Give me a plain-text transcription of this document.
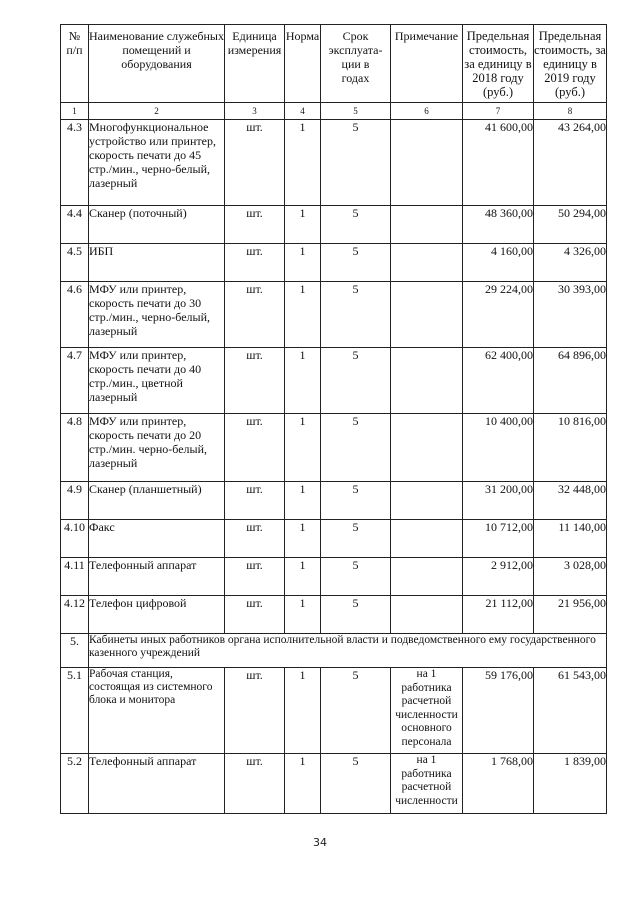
№
п/п	Наименование служебных помещений и оборудования	Единица измерения	Норма	Срок эксплуата-ции в годах	Примечание	Предельная стоимость, за единицу в 2018 году (руб.)	Предельная стоимость, за единицу в 2019 году (руб.)
1	2	3	4	5	6	7	8
4.3	Многофункциональное устройство или принтер, скорость печати до 45 стр./мин., черно-белый, лазерный	шт.	1	5		41 600,00	43 264,00
4.4	Сканер (поточный)	шт.	1	5		48 360,00	50 294,00
4.5	ИБП	шт.	1	5		4 160,00	4 326,00
4.6	МФУ или принтер, скорость печати до 30 стр./мин., черно-белый, лазерный	шт.	1	5		29 224,00	30 393,00
4.7	МФУ или принтер, скорость печати до 40 стр./мин., цветной лазерный	шт.	1	5		62 400,00	64 896,00
4.8	МФУ или принтер, скорость печати до 20 стр./мин. черно-белый, лазерный	шт.	1	5		10 400,00	10 816,00
4.9	Сканер (планшетный)	шт.	1	5		31 200,00	32 448,00
4.10	Факс	шт.	1	5		10 712,00	11 140,00
4.11	Телефонный аппарат	шт.	1	5		2 912,00	3 028,00
4.12	Телефон цифровой	шт.	1	5		21 112,00	21 956,00
5.	Кабинеты иных работников органа исполнительной власти и подведомственного ему государственного казенного учреждений						
5.1	Рабочая станция, состоящая из системного блока и монитора	шт.	1	5	на 1 работника расчетной численности основного персонала	59 176,00	61 543,00
5.2	Телефонный аппарат	шт.	1	5	на 1 работника расчетной численности	1 768,00	1 839,00
34
